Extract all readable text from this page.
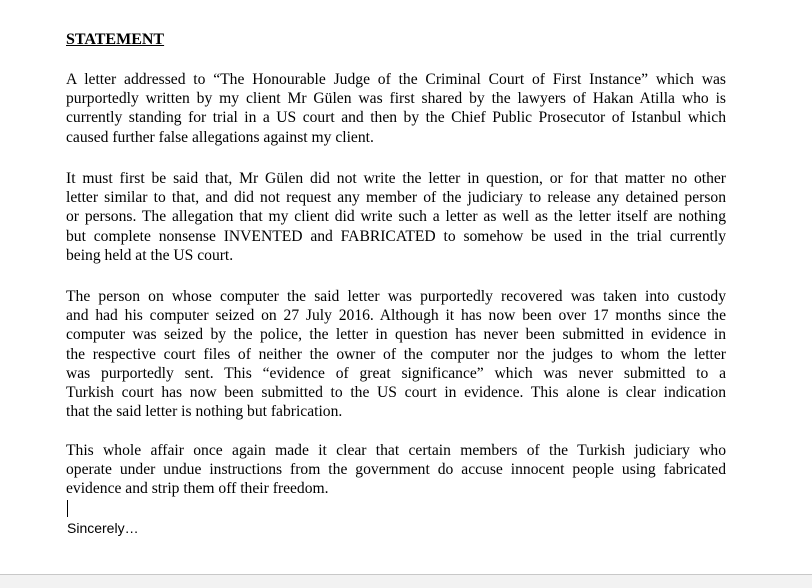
STATEMENT
A letter addressed to “The Honourable Judge of the Criminal Court of First Instance” which was
purportedly written by my client Mr Gülen was first shared by the lawyers of Hakan Atilla who is
currently standing for trial in a US court and then by the Chief Public Prosecutor of Istanbul which
caused further false allegations against my client.
It must first be said that, Mr Gülen did not write the letter in question, or for that matter no other
letter similar to that, and did not request any member of the judiciary to release any detained person
or persons. The allegation that my client did write such a letter as well as the letter itself are nothing
but complete nonsense INVENTED and FABRICATED to somehow be used in the trial currently
being held at the US court.
The person on whose computer the said letter was purportedly recovered was taken into custody
and had his computer seized on 27 July 2016. Although it has now been over 17 months since the
computer was seized by the police, the letter in question has never been submitted in evidence in
the respective court files of neither the owner of the computer nor the judges to whom the letter
was purportedly sent. This “evidence of great significance” which was never submitted to a
Turkish court has now been submitted to the US court in evidence. This alone is clear indication
that the said letter is nothing but fabrication.
This whole affair once again made it clear that certain members of the Turkish judiciary who
operate under undue instructions from the government do accuse innocent people using fabricated
evidence and strip them off their freedom.

Sincerely…
